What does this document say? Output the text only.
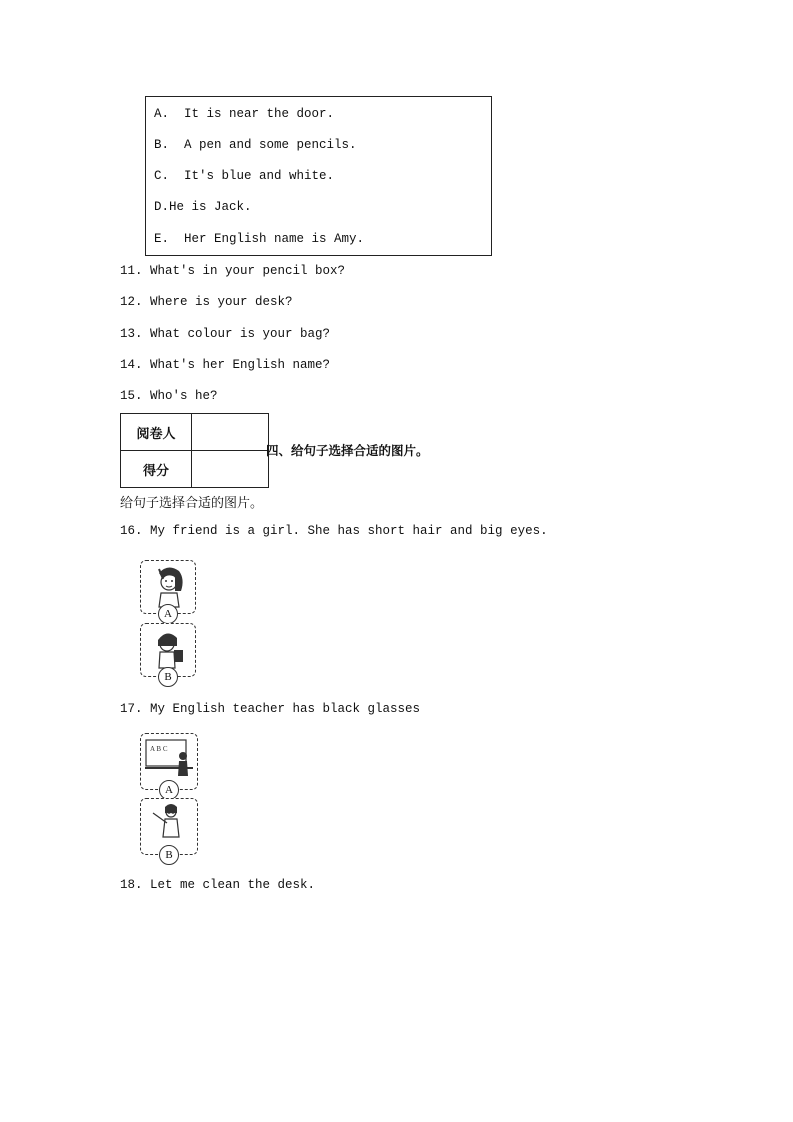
A.  It is near the door.
B.  A pen and some pencils.
C.  It's blue and white.
D.He is Jack.
E.  Her English name is Amy.
11. What's in your pencil box?
12. Where is your desk?
13. What colour is your bag?
14. What's her English name?
15. Who's he?
阅卷人	
得分	
四、给句子选择合适的图片。
给句子选择合适的图片。
16. My friend is a girl. She has short hair and big eyes.
A
B
17. My English teacher has black glasses
A B C
A
B
18. Let me clean the desk.
